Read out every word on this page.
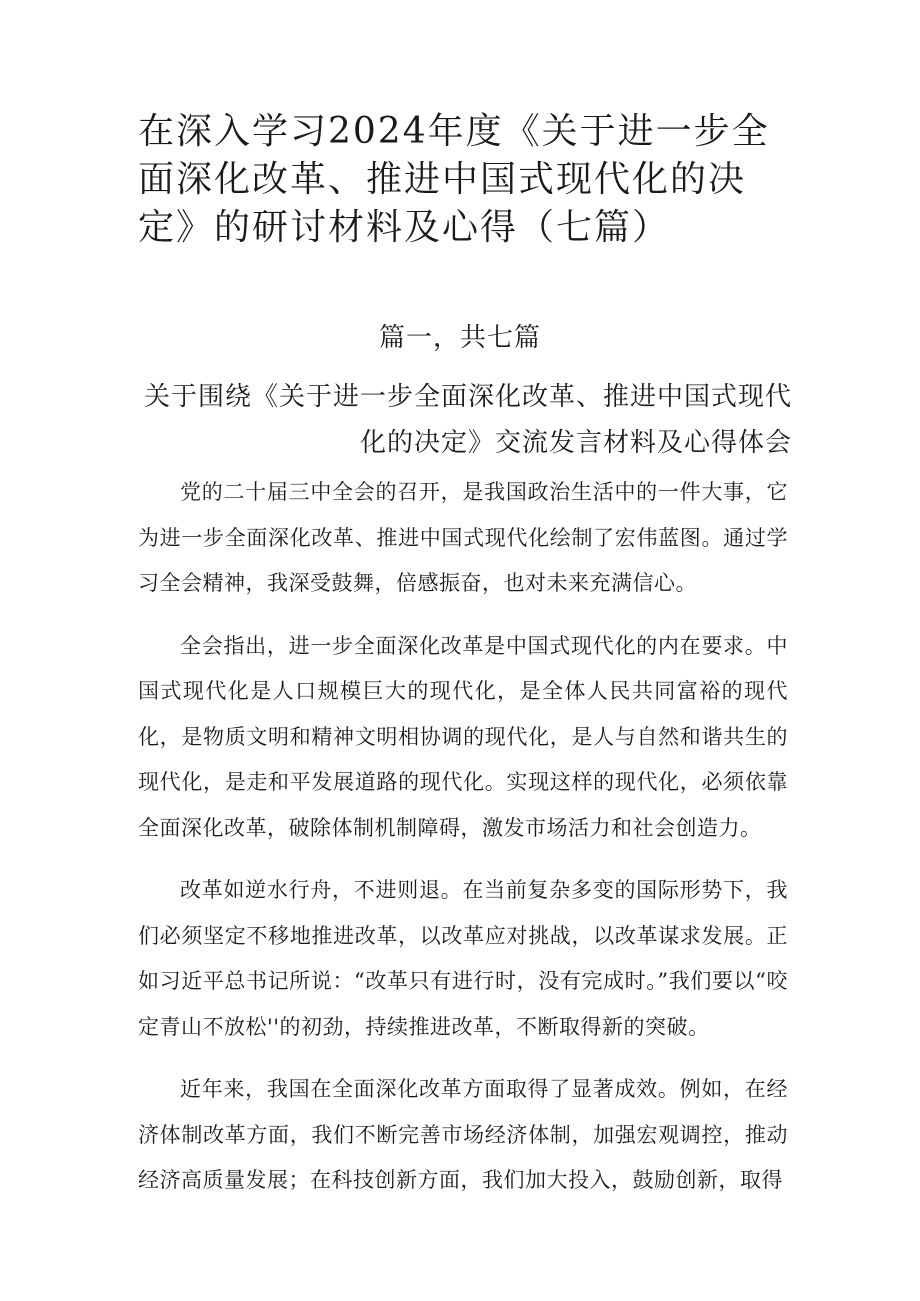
在深入学习2024年度《关于进一步全面深化改革、推进中国式现代化的决定》的研讨材料及心得（七篇）
篇一，共七篇
关于围绕《关于进一步全面深化改革、推进中国式现代化的决定》交流发言材料及心得体会

党的二十届三中全会的召开，是我国政治生活中的一件大事，它为进一步全面深化改革、推进中国式现代化绘制了宏伟蓝图。通过学习全会精神，我深受鼓舞，倍感振奋，也对未来充满信心。

全会指出，进一步全面深化改革是中国式现代化的内在要求。中国式现代化是人口规模巨大的现代化，是全体人民共同富裕的现代化，是物质文明和精神文明相协调的现代化，是人与自然和谐共生的现代化，是走和平发展道路的现代化。实现这样的现代化，必须依靠全面深化改革，破除体制机制障碍，激发市场活力和社会创造力。

改革如逆水行舟，不进则退。在当前复杂多变的国际形势下，我们必须坚定不移地推进改革，以改革应对挑战，以改革谋求发展。正如习近平总书记所说：“改革只有进行时，没有完成时。”我们要以“咬定青山不放松''的初劲，持续推进改革，不断取得新的突破。

近年来，我国在全面深化改革方面取得了显著成效。例如，在经济体制改革方面，我们不断完善市场经济体制，加强宏观调控，推动经济高质量发展；在科技创新方面，我们加大投入，鼓励创新，取得
